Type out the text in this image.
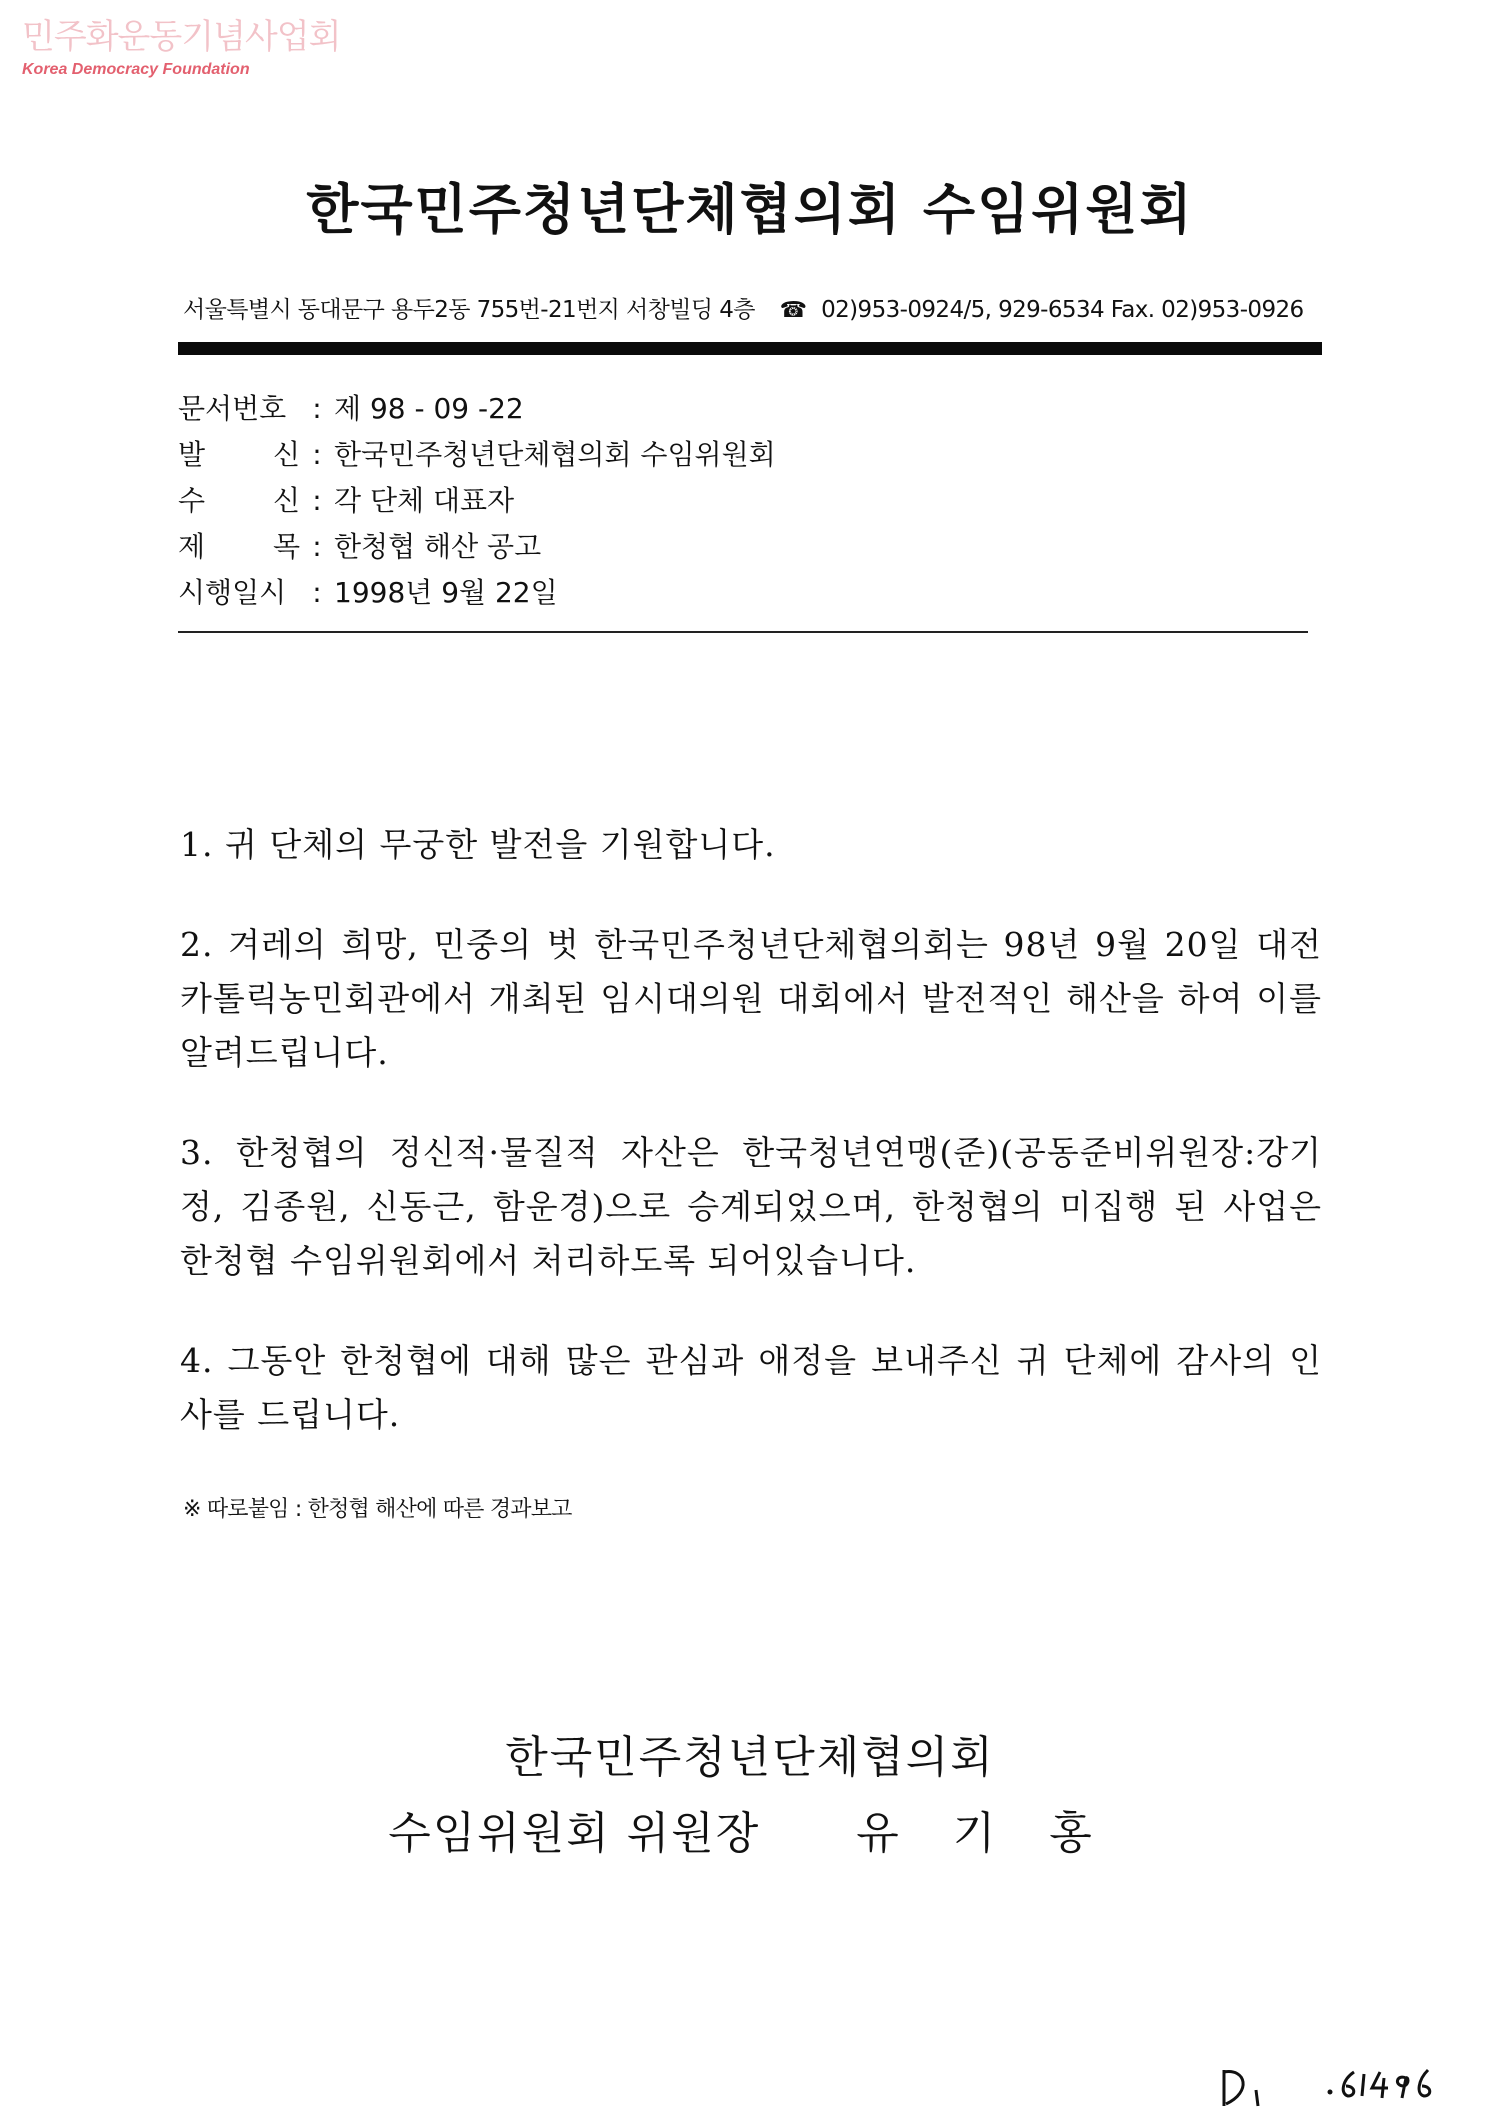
민주화운동기념사업회
Korea Democracy Foundation
한국민주청년단체협의회 수임위원회
서울특별시 동대문구 용두2동 755번-21번지 서창빌딩 4층 ☎ 02)953-0924/5, 929-6534 Fax. 02)953-0926
문서번호 : 제 98 - 09 -22
발 신 : 한국민주청년단체협의회 수임위원회
수 신 : 각 단체 대표자
제 목 : 한청협 해산 공고
시행일시 : 1998년 9월 22일

1. 귀 단체의 무궁한 발전을 기원합니다.

2. 겨레의 희망, 민중의 벗 한국민주청년단체협의회는 98년 9월 20일 대전 카톨릭농민회관에서 개최된 임시대의원 대회에서 발전적인 해산을 하여 이를 알려드립니다.

3. 한청협의 정신적·물질적 자산은 한국청년연맹(준)(공동준비위원장:강기정, 김종원, 신동근, 함운경)으로 승계되었으며, 한청협의 미집행 된 사업은 한청협 수임위원회에서 처리하도록 되어있습니다.

4. 그동안 한청협에 대해 많은 관심과 애정을 보내주신 귀 단체에 감사의 인사를 드립니다.

※ 따로붙임 : 한청협 해산에 따른 경과보고
한국민주청년단체협의회
수임위원회 위원장 유 기 홍
